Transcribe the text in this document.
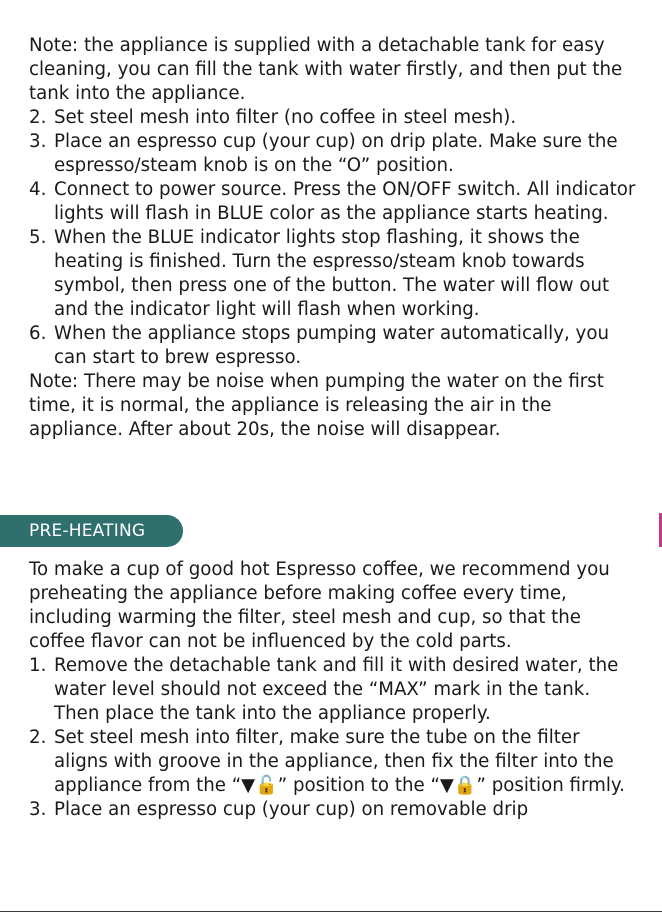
Note: the appliance is supplied with a detachable tank for easy cleaning, you can fill the tank with water firstly, and then put the tank into the appliance.

2. Set steel mesh into filter (no coffee in steel mesh).
3. Place an espresso cup (your cup) on drip plate. Make sure the espresso/steam knob is on the “O” position.
4. Connect to power source. Press the ON/OFF switch. All indicator lights will flash in BLUE color as the appliance starts heating.
5. When the BLUE indicator lights stop flashing, it shows the heating is finished. Turn the espresso/steam knob towards symbol, then press one of the button. The water will flow out and the indicator light will flash when working.
6. When the appliance stops pumping water automatically, you can start to brew espresso.

Note: There may be noise when pumping the water on the first time, it is normal, the appliance is releasing the air in the appliance. After about 20s, the noise will disappear.

PRE-HEATING

To make a cup of good hot Espresso coffee, we recommend you preheating the appliance before making coffee every time, including warming the filter, steel mesh and cup, so that the coffee flavor can not be influenced by the cold parts.

1. Remove the detachable tank and fill it with desired water, the water level should not exceed the “MAX” mark in the tank. Then place the tank into the appliance properly.
2. Set steel mesh into filter, make sure the tube on the filter aligns with groove in the appliance, then fix the filter into the appliance from the “▼🔓” position to the “▼🔒” position firmly.
3. Place an espresso cup (your cup) on removable drip
